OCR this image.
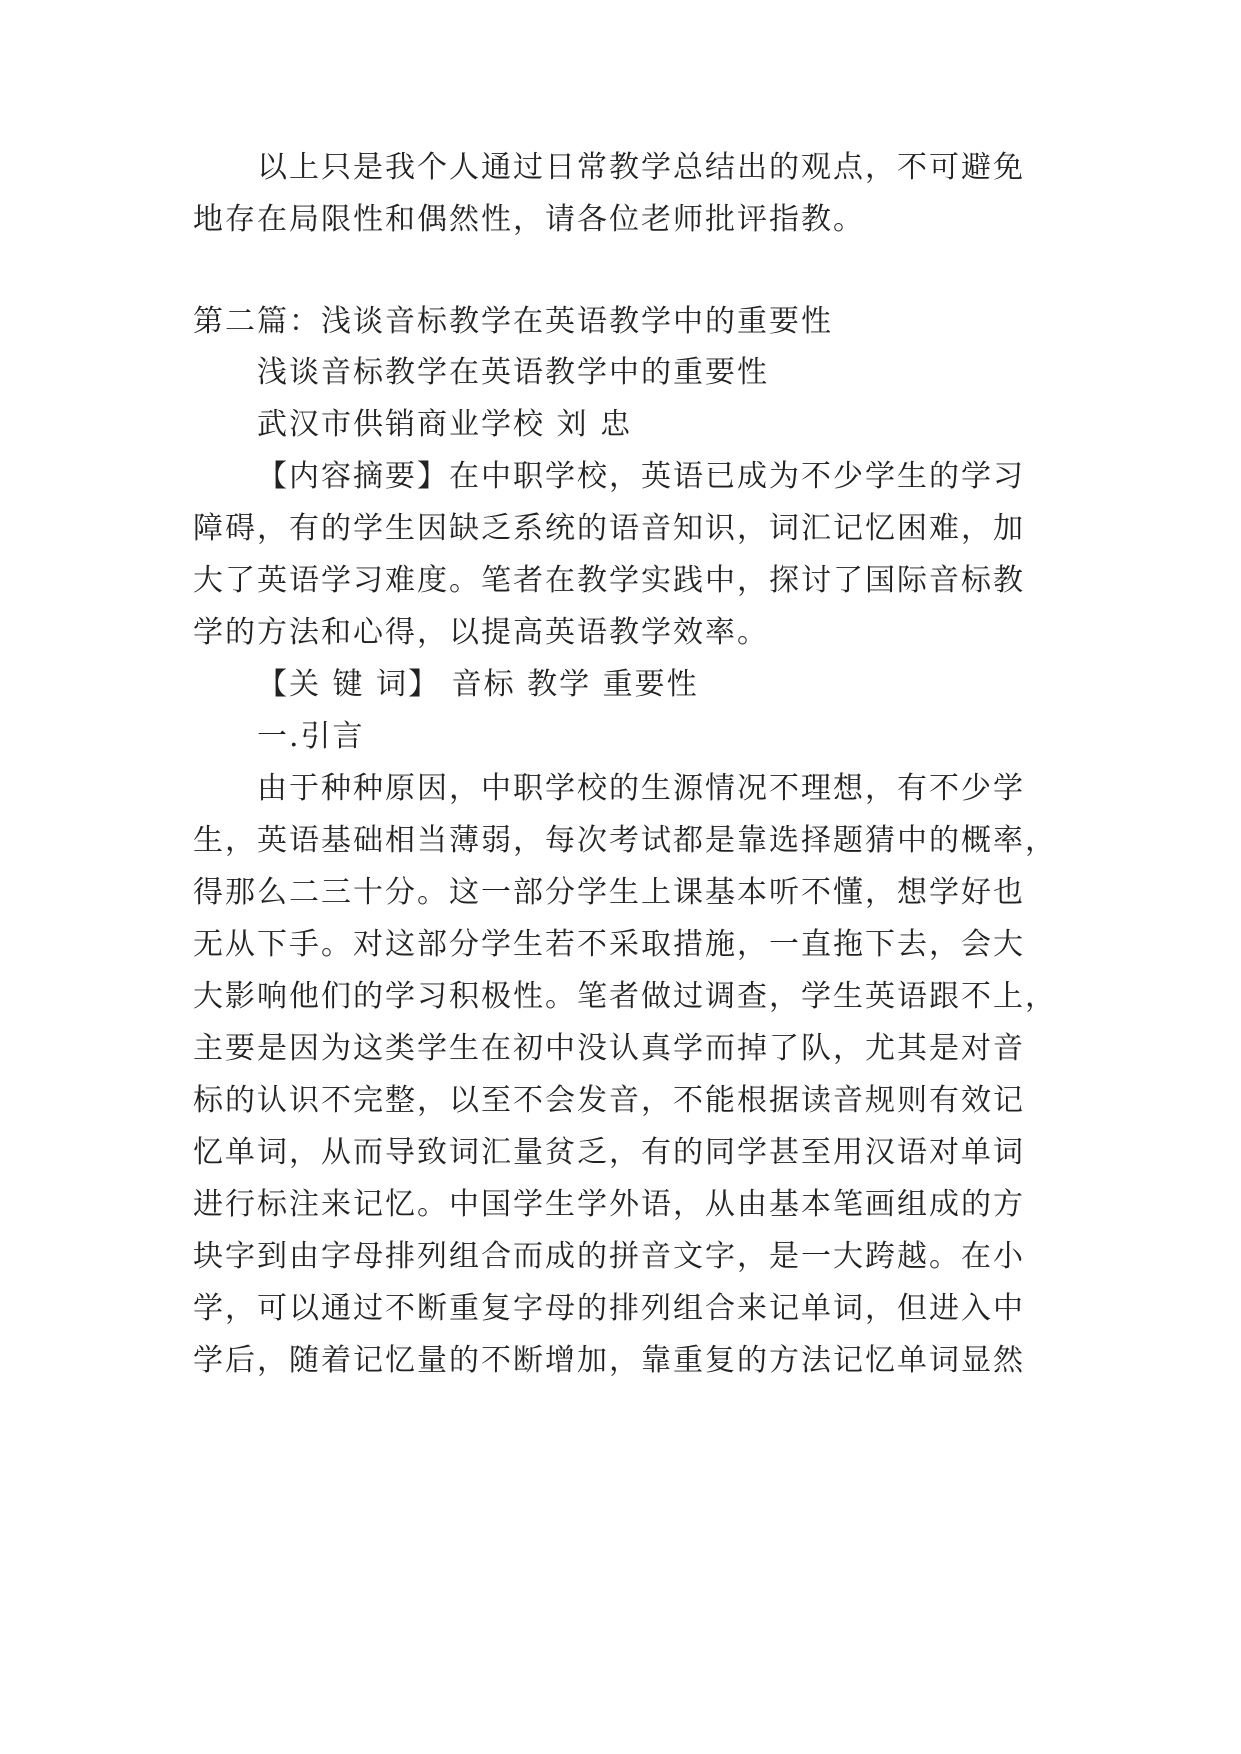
以上只是我个人通过日常教学总结出的观点，不可避免
地存在局限性和偶然性，请各位老师批评指教。
第二篇：浅谈音标教学在英语教学中的重要性
浅谈音标教学在英语教学中的重要性
武汉市供销商业学校 刘 忠
【内容摘要】在中职学校，英语已成为不少学生的学习
障碍，有的学生因缺乏系统的语音知识，词汇记忆困难，加
大了英语学习难度。笔者在教学实践中，探讨了国际音标教
学的方法和心得，以提高英语教学效率。
【关 键 词】 音标 教学 重要性
一.引言
由于种种原因，中职学校的生源情况不理想，有不少学
生，英语基础相当薄弱，每次考试都是靠选择题猜中的概率，
得那么二三十分。这一部分学生上课基本听不懂，想学好也
无从下手。对这部分学生若不采取措施，一直拖下去，会大
大影响他们的学习积极性。笔者做过调查，学生英语跟不上，
主要是因为这类学生在初中没认真学而掉了队，尤其是对音
标的认识不完整，以至不会发音，不能根据读音规则有效记
忆单词，从而导致词汇量贫乏，有的同学甚至用汉语对单词
进行标注来记忆。中国学生学外语，从由基本笔画组成的方
块字到由字母排列组合而成的拼音文字，是一大跨越。在小
学，可以通过不断重复字母的排列组合来记单词，但进入中
学后，随着记忆量的不断增加，靠重复的方法记忆单词显然
